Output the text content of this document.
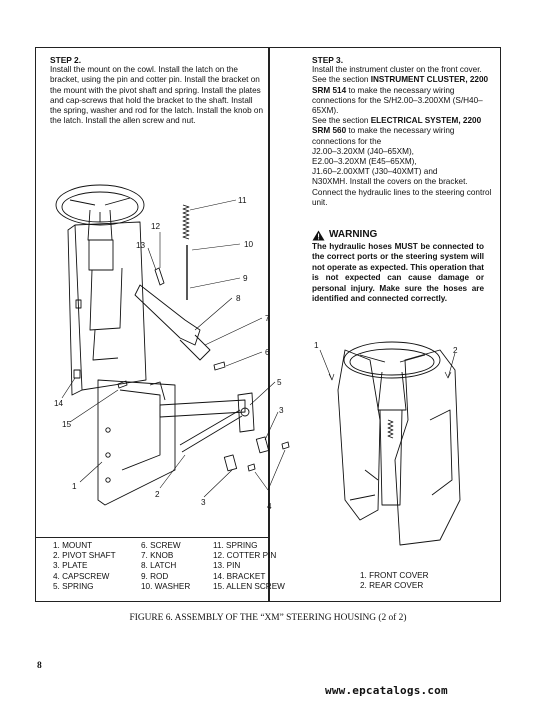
STEP 2.

Install the mount on the cowl. Install the latch on the bracket, using the pin and cotter pin. Install the bracket on the mount with the pivot shaft and spring. Install the plates and cap-screws that hold the bracket to the shaft. Install the spring, washer and rod for the latch. Install the knob on the latch. Install the allen screw and nut.

STEP 3.

Install the instrument cluster on the front cover. See the section INSTRUMENT CLUSTER, 2200 SRM 514 to make the necessary wiring connections for the S/H2.00–3.200XM (S/H40–65XM).
See the section ELECTRICAL SYSTEM, 2200 SRM 560 to make the necessary wiring connections for the
J2.00–3.20XM (J40–65XM),
E2.00–3.20XM (E45–65XM),
J1.60–2.00XMT (J30–40XMT) and
N30XMH. Install the covers on the bracket. Connect the hydraulic lines to the steering control unit.

WARNING
The hydraulic hoses MUST be connected to the correct ports or the steering system will not operate as expected. This operation that is not expected can cause damage or personal injury. Make sure the hoses are identified and connected correctly.
11
12
13	10
9
8
7
6
5
3
4
3
2
1
14
15
1
2
1. MOUNT
2. PIVOT SHAFT
3. PLATE
4. CAPSCREW
5. SPRING
6. SCREW
7. KNOB
8. LATCH
9. ROD
10. WASHER
11. SPRING
12. COTTER PIN
13. PIN
14. BRACKET
15. ALLEN SCREW
1. FRONT COVER
2. REAR COVER
FIGURE 6. ASSEMBLY OF THE “XM” STEERING HOUSING (2 of 2)
8
www.epcatalogs.com
